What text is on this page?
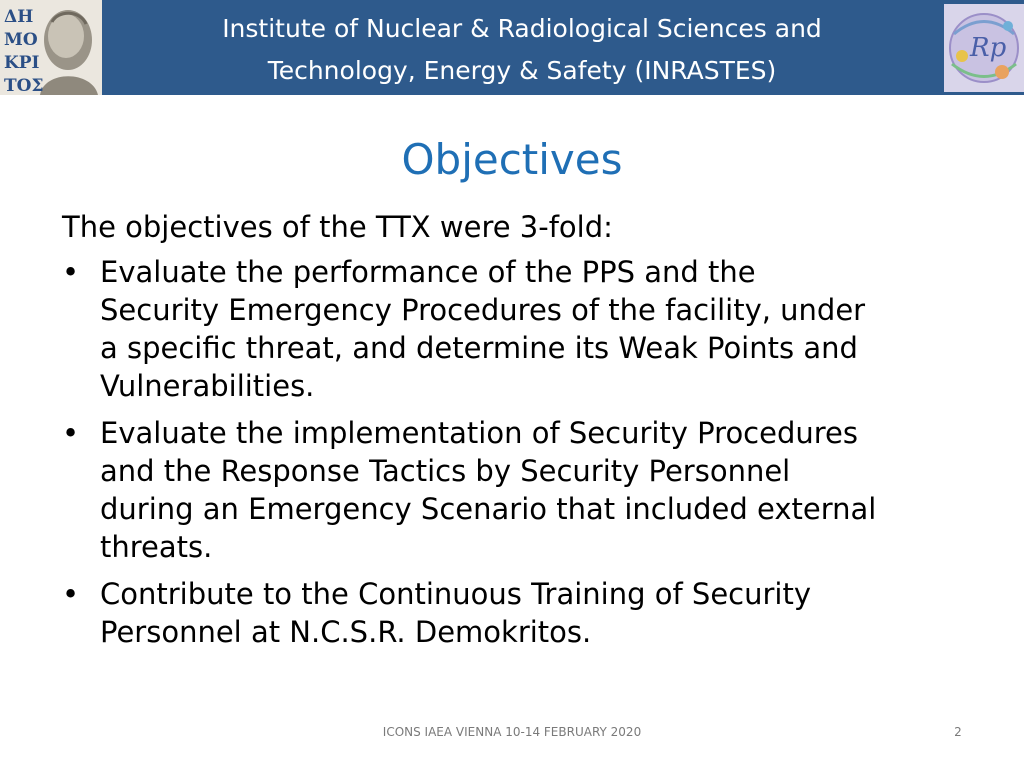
ΔΗ
ΜΟ
ΚΡΙ
ΤΟΣ
Institute of Nuclear & Radiological Sciences and
Technology, Energy & Safety (INRASTES)
Rp
Objectives
The objectives of the TTX were 3-fold:
• Evaluate the performance of the PPS and the
Security Emergency Procedures of the facility, under
a specific threat, and determine its Weak Points and
Vulnerabilities.
• Evaluate the implementation of Security Procedures
and the Response Tactics by Security Personnel
during an Emergency Scenario that included external
threats.
• Contribute to the Continuous Training of Security
Personnel at N.C.S.R. Demokritos.
ICONS IAEA VIENNA 10-14 FEBRUARY 2020	2
